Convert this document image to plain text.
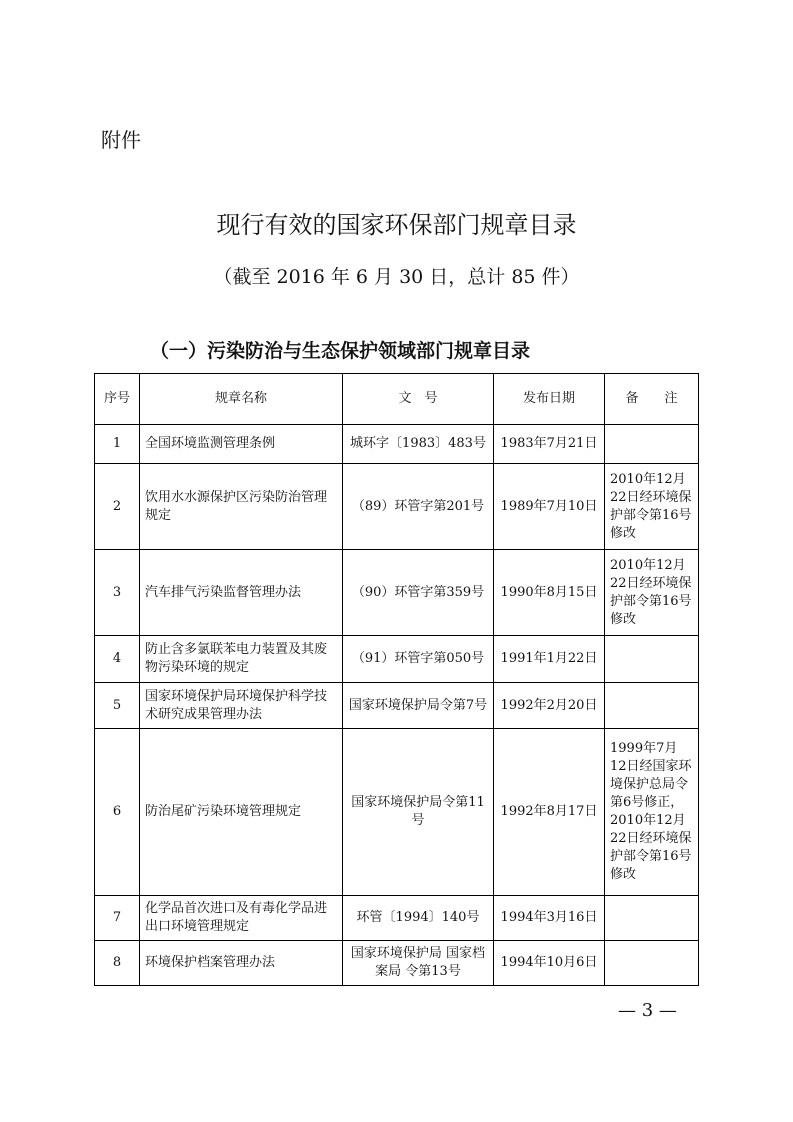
附件
现行有效的国家环保部门规章目录
（截至 2016 年 6 月 30 日，总计 85 件）
（一）污染防治与生态保护领域部门规章目录
序号	规章名称	文　号	发布日期	备　　注
1	全国环境监测管理条例	城环字〔1983〕483号	1983年7月21日	
2	饮用水水源保护区污染防治管理规定	（89）环管字第201号	1989年7月10日	2010年12月22日经环境保护部令第16号修改
3	汽车排气污染监督管理办法	（90）环管字第359号	1990年8月15日	2010年12月22日经环境保护部令第16号修改
4	防止含多氯联苯电力装置及其废物污染环境的规定	（91）环管字第050号	1991年1月22日	
5	国家环境保护局环境保护科学技术研究成果管理办法	国家环境保护局令第7号	1992年2月20日	
6	防治尾矿污染环境管理规定	国家环境保护局令第11号	1992年8月17日	1999年7月12日经国家环境保护总局令第6号修正，2010年12月22日经环境保护部令第16号修改
7	化学品首次进口及有毒化学品进出口环境管理规定	环管〔1994〕140号	1994年3月16日	
8	环境保护档案管理办法	国家环境保护局 国家档案局 令第13号	1994年10月6日	
— 3 —
